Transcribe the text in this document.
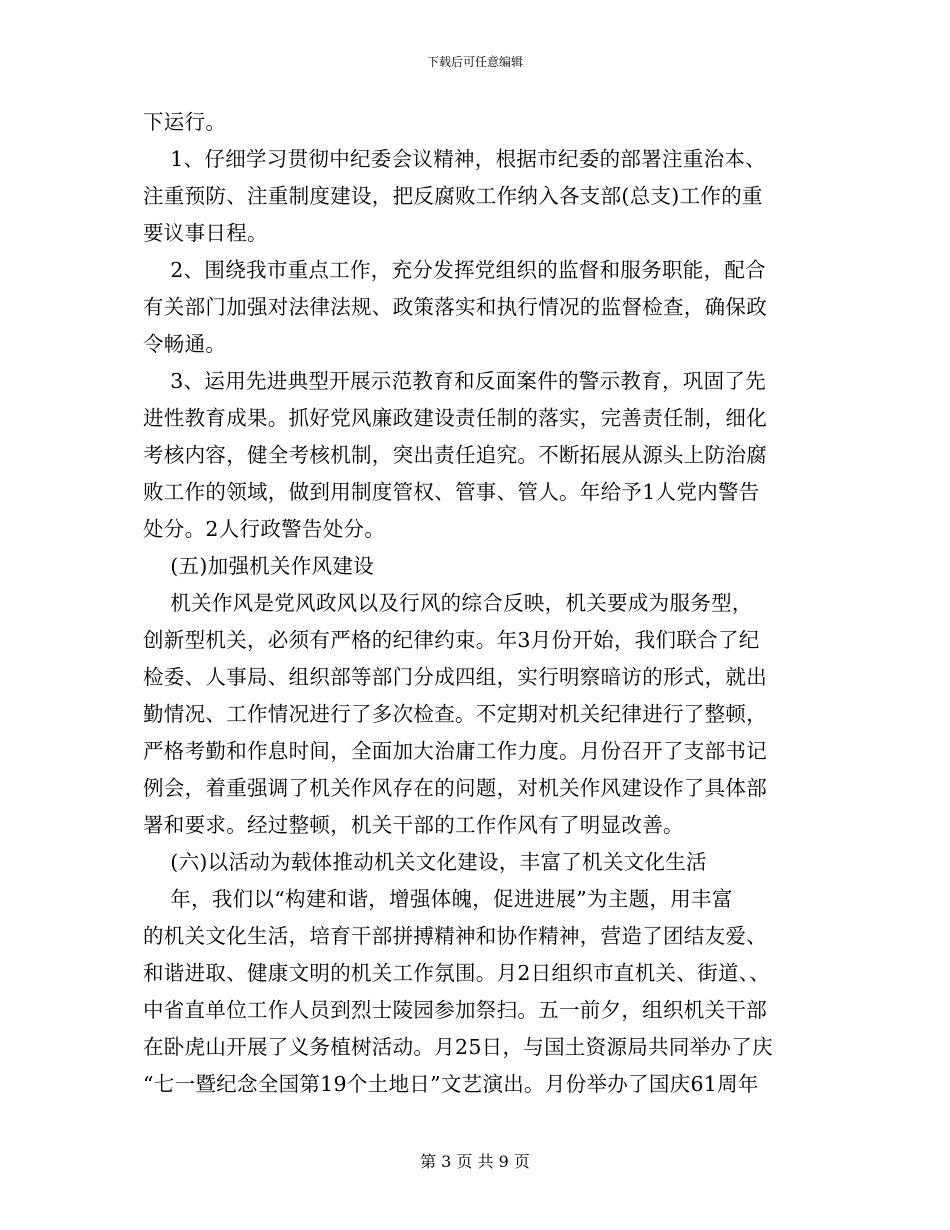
下载后可任意编辑

下运行。

1、仔细学习贯彻中纪委会议精神，根据市纪委的部署注重治本、

注重预防、注重制度建设，把反腐败工作纳入各支部(总支)工作的重

要议事日程。

2、围绕我市重点工作，充分发挥党组织的监督和服务职能，配合

有关部门加强对法律法规、政策落实和执行情况的监督检查，确保政

令畅通。

3、运用先进典型开展示范教育和反面案件的警示教育，巩固了先

进性教育成果。抓好党风廉政建设责任制的落实，完善责任制，细化

考核内容，健全考核机制，突出责任追究。不断拓展从源头上防治腐

败工作的领域，做到用制度管权、管事、管人。年给予1人党内警告

处分。2人行政警告处分。

(五)加强机关作风建设

机关作风是党风政风以及行风的综合反映，机关要成为服务型，

创新型机关，必须有严格的纪律约束。年3月份开始，我们联合了纪

检委、人事局、组织部等部门分成四组，实行明察暗访的形式，就出

勤情况、工作情况进行了多次检查。不定期对机关纪律进行了整顿，

严格考勤和作息时间，全面加大治庸工作力度。月份召开了支部书记

例会，着重强调了机关作风存在的问题，对机关作风建设作了具体部

署和要求。经过整顿，机关干部的工作作风有了明显改善。

(六)以活动为载体推动机关文化建设，丰富了机关文化生活

年，我们以“构建和谐，增强体魄，促进进展”为主题，用丰富

的机关文化生活，培育干部拼搏精神和协作精神，营造了团结友爱、

和谐进取、健康文明的机关工作氛围。月2日组织市直机关、街道、、

中省直单位工作人员到烈士陵园参加祭扫。五一前夕，组织机关干部

在卧虎山开展了义务植树活动。月25日，与国土资源局共同举办了庆

“七一暨纪念全国第19个土地日”文艺演出。月份举办了国庆61周年

第 3 页 共 9 页
